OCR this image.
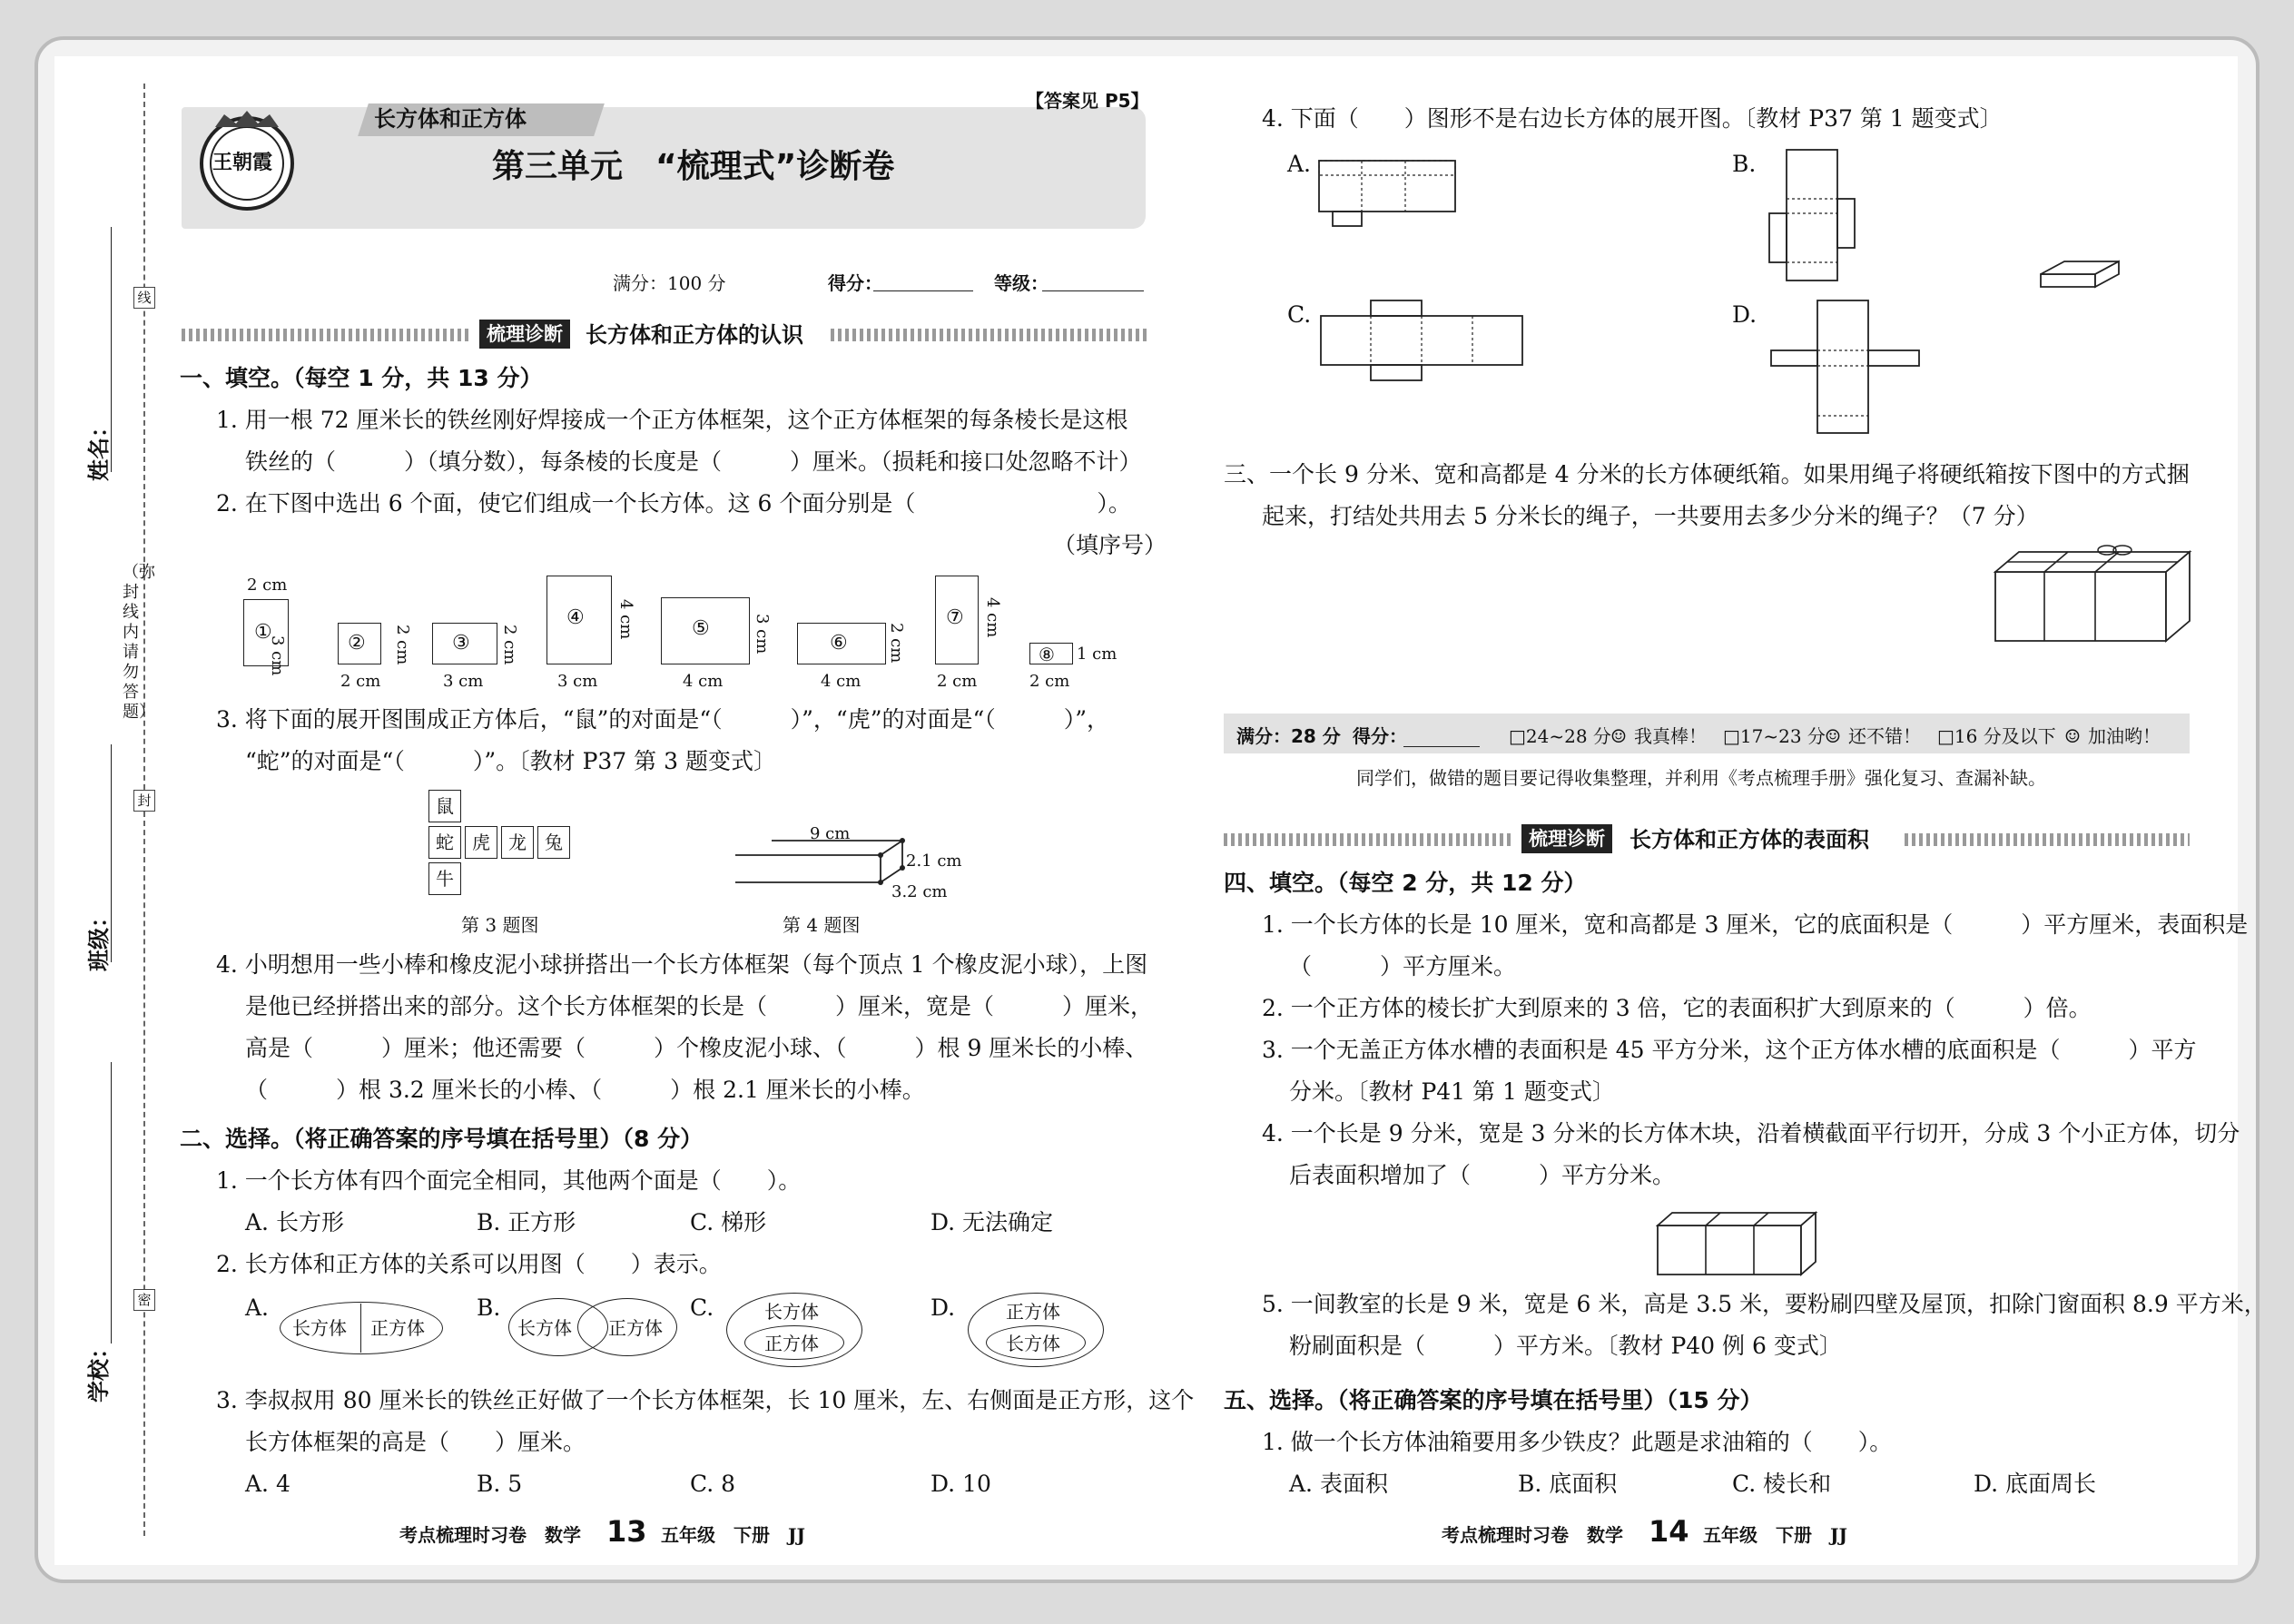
线
封
密
（弥封线内请勿答题）
姓名：
班级：
学校：
长方体和正方体
【答案见 P5】
王朝霞	第三单元　“梳理式”诊断卷
满分：100 分	得分：	等级：
梳理诊断	长方体和正方体的认识
一、填空。（每空 1 分，共 13 分）
1. 用一根 72 厘米长的铁丝刚好焊接成一个正方体框架，这个正方体框架的每条棱长是这根
铁丝的（　　　）（填分数），每条棱的长度是（　　　）厘米。（损耗和接口处忽略不计）
2. 在下图中选出 6 个面，使它们组成一个长方体。这 6 个面分别是（　　　　　　　　）。
（填序号）
①
2 cm
3 cm	②
2 cm
2 cm ③
3 cm
2 cm
④
3 cm
4 cm	⑤
4 cm
3 cm	⑥
4 cm
2 cm
⑦
2 cm
4 cm
⑧
2 cm
1 cm
3. 将下面的展开图围成正方体后，“鼠”的对面是“（　　　）”，“虎”的对面是“（　　　）”，
“蛇”的对面是“（　　　）”。〔教材 P37 第 3 题变式〕
鼠
蛇	虎	龙	兔
牛
第 3 题图
9 cm
2.1 cm
3.2 cm
第 4 题图
4. 小明想用一些小棒和橡皮泥小球拼搭出一个长方体框架（每个顶点 1 个橡皮泥小球），上图
是他已经拼搭出来的部分。这个长方体框架的长是（　　　）厘米，宽是（　　　）厘米，
高是（　　　）厘米；他还需要（　　　）个橡皮泥小球、（　　　）根 9 厘米长的小棒、
（　　　）根 3.2 厘米长的小棒、（　　　）根 2.1 厘米长的小棒。
二、选择。（将正确答案的序号填在括号里）（8 分）
1. 一个长方体有四个面完全相同，其他两个面是（　　）。
A. 长方形	B. 正方形	C. 梯形	D. 无法确定
2. 长方体和正方体的关系可以用图（　　）表示。
A.
长方体 正方体
B.
长方体 正方体
C.	长方体
正方体
D.	正方体
长方体
3. 李叔叔用 80 厘米长的铁丝正好做了一个长方体框架，长 10 厘米，左、右侧面是正方形，这个
长方体框架的高是（　　）厘米。
A. 4	B. 5	C. 8	D. 10
考点梳理时习卷　数学 13 五年级　下册　JJ
4. 下面（　　）图形不是右边长方体的展开图。〔教材 P37 第 1 题变式〕
A.	B.
C.	D.
三、一个长 9 分米、宽和高都是 4 分米的长方体硬纸箱。如果用绳子将硬纸箱按下图中的方式捆
起来，打结处共用去 5 分米长的绳子，一共要用去多少分米的绳子？（7 分）
满分：28 分 得分：	□24~28 分 ☺ 我真棒！ □17~23 分 ☺ 还不错！ □16 分及以下 ☺ 加油哟！
同学们，做错的题目要记得收集整理，并利用《考点梳理手册》强化复习、查漏补缺。
梳理诊断	长方体和正方体的表面积
四、填空。（每空 2 分，共 12 分）
1. 一个长方体的长是 10 厘米，宽和高都是 3 厘米，它的底面积是（　　　）平方厘米，表面积是
（　　　）平方厘米。
2. 一个正方体的棱长扩大到原来的 3 倍，它的表面积扩大到原来的（　　　）倍。
3. 一个无盖正方体水槽的表面积是 45 平方分米，这个正方体水槽的底面积是（　　　）平方
分米。〔教材 P41 第 1 题变式〕
4. 一个长是 9 分米，宽是 3 分米的长方体木块，沿着横截面平行切开，分成 3 个小正方体，切分
后表面积增加了（　　　）平方分米。
5. 一间教室的长是 9 米，宽是 6 米，高是 3.5 米，要粉刷四壁及屋顶，扣除门窗面积 8.9 平方米，
粉刷面积是（　　　）平方米。〔教材 P40 例 6 变式〕
五、选择。（将正确答案的序号填在括号里）（15 分）
1. 做一个长方体油箱要用多少铁皮？此题是求油箱的（　　）。
A. 表面积	B. 底面积	C. 棱长和	D. 底面周长
考点梳理时习卷　数学 14 五年级　下册　JJ
